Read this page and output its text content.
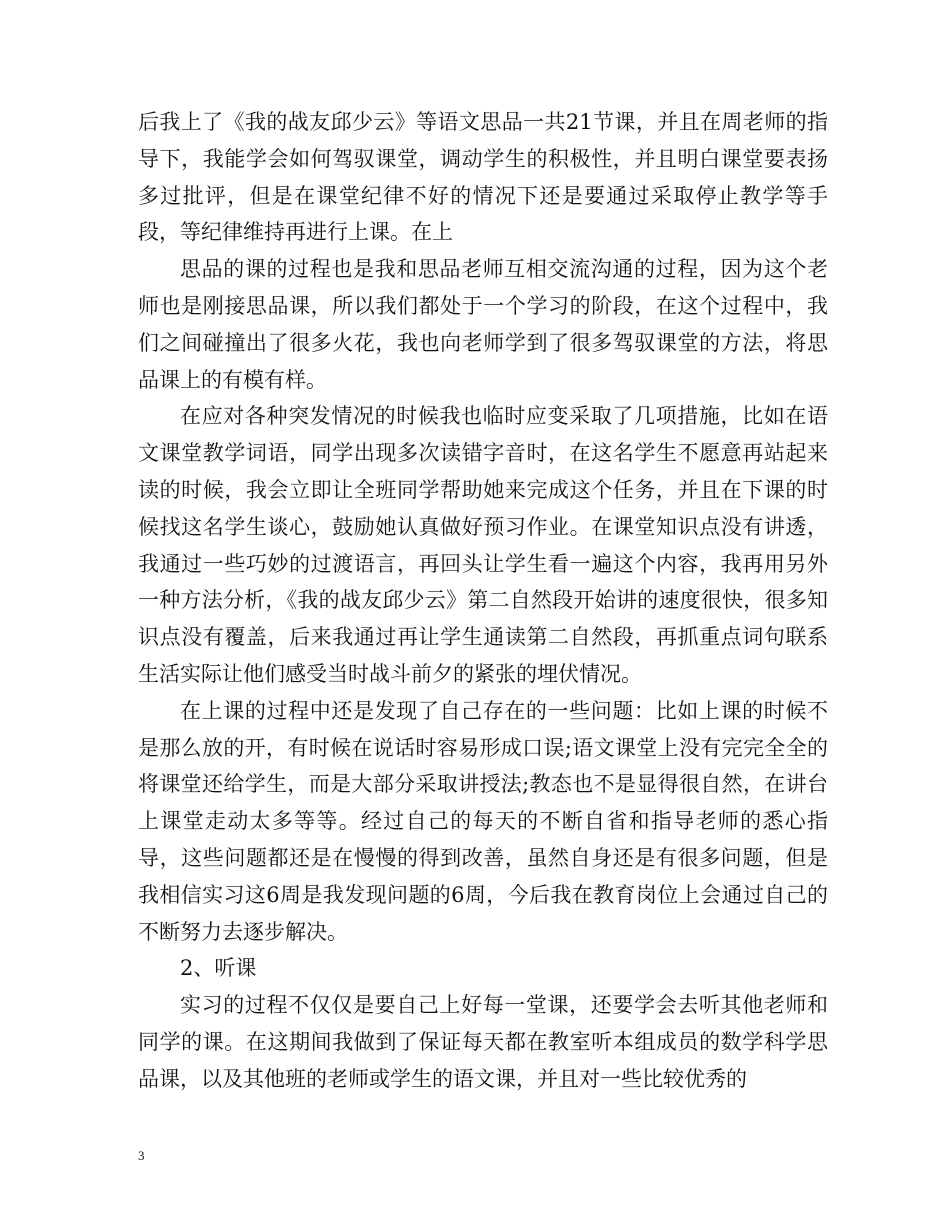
后我上了《我的战友邱少云》等语文思品一共21节课，并且在周老师的指导下，我能学会如何驾驭课堂，调动学生的积极性，并且明白课堂要表扬多过批评，但是在课堂纪律不好的情况下还是要通过采取停止教学等手段，等纪律维持再进行上课。在上

思品的课的过程也是我和思品老师互相交流沟通的过程，因为这个老师也是刚接思品课，所以我们都处于一个学习的阶段，在这个过程中，我们之间碰撞出了很多火花，我也向老师学到了很多驾驭课堂的方法，将思品课上的有模有样。

在应对各种突发情况的时候我也临时应变采取了几项措施，比如在语文课堂教学词语，同学出现多次读错字音时，在这名学生不愿意再站起来读的时候，我会立即让全班同学帮助她来完成这个任务，并且在下课的时候找这名学生谈心，鼓励她认真做好预习作业。在课堂知识点没有讲透，我通过一些巧妙的过渡语言，再回头让学生看一遍这个内容，我再用另外一种方法分析，《我的战友邱少云》第二自然段开始讲的速度很快，很多知识点没有覆盖，后来我通过再让学生通读第二自然段，再抓重点词句联系生活实际让他们感受当时战斗前夕的紧张的埋伏情况。

在上课的过程中还是发现了自己存在的一些问题：比如上课的时候不是那么放的开，有时候在说话时容易形成口误;语文课堂上没有完完全全的将课堂还给学生，而是大部分采取讲授法;教态也不是显得很自然，在讲台上课堂走动太多等等。经过自己的每天的不断自省和指导老师的悉心指导，这些问题都还是在慢慢的得到改善，虽然自身还是有很多问题，但是我相信实习这6周是我发现问题的6周，今后我在教育岗位上会通过自己的不断努力去逐步解决。

2、听课

实习的过程不仅仅是要自己上好每一堂课，还要学会去听其他老师和同学的课。在这期间我做到了保证每天都在教室听本组成员的数学科学思品课，以及其他班的老师或学生的语文课，并且对一些比较优秀的

3
